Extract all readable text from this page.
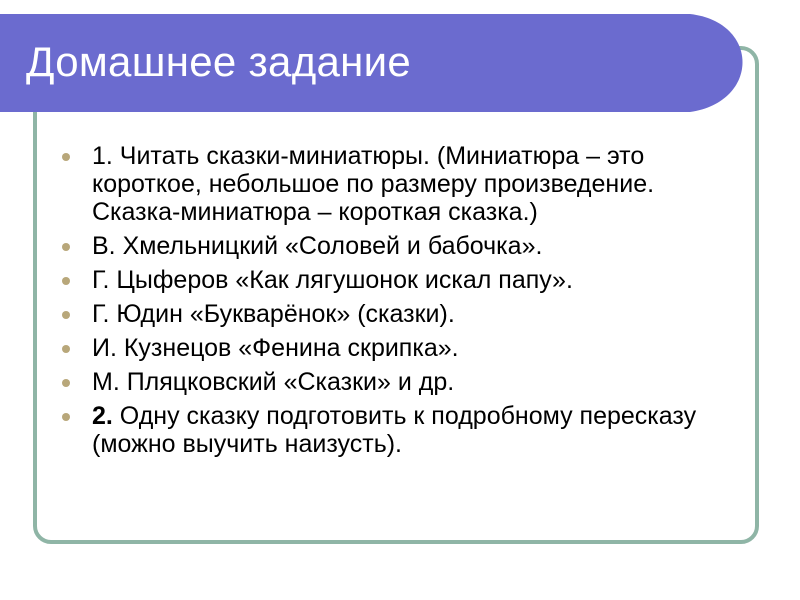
Домашнее задание
1. Читать сказки-миниатюры. (Миниатюра – это короткое, небольшое по размеру произведение. Сказка-миниатюра – короткая сказка.)
В. Хмельницкий «Соловей и бабочка».
Г. Цыферов «Как лягушонок искал папу».
Г. Юдин «Букварёнок» (сказки).
И. Кузнецов «Фенина скрипка».
М. Пляцковский «Сказки» и др.
2. Одну сказку подготовить к подробному пересказу (можно выучить наизусть).
